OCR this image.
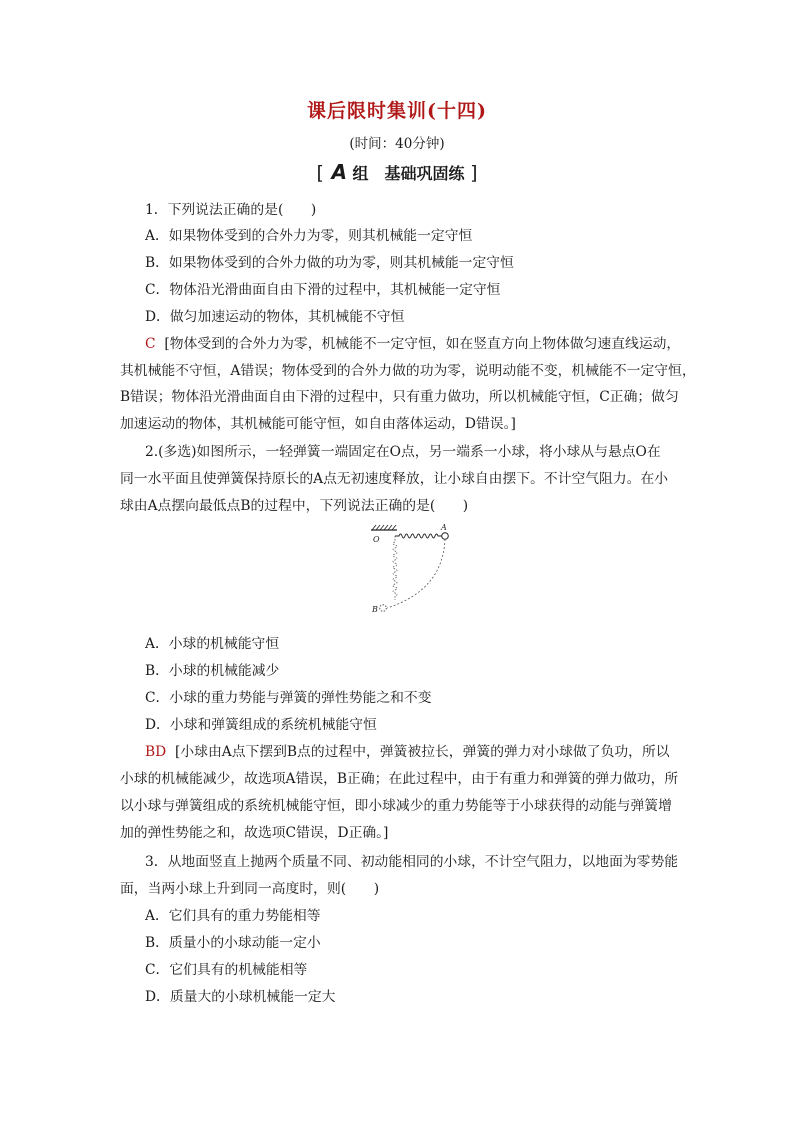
课后限时集训(十四)
(时间：40分钟)
[ A 组　基础巩固练 ]
1．下列说法正确的是(　　)
A．如果物体受到的合外力为零，则其机械能一定守恒
B．如果物体受到的合外力做的功为零，则其机械能一定守恒
C．物体沿光滑曲面自由下滑的过程中，其机械能一定守恒
D．做匀加速运动的物体，其机械能不守恒
C [物体受到的合外力为零，机械能不一定守恒，如在竖直方向上物体做匀速直线运动，
其机械能不守恒，A错误；物体受到的合外力做的功为零，说明动能不变，机械能不一定守恒，
B错误；物体沿光滑曲面自由下滑的过程中，只有重力做功，所以机械能守恒，C正确；做匀
加速运动的物体，其机械能可能守恒，如自由落体运动，D错误。]
2.(多选)如图所示，一轻弹簧一端固定在O点，另一端系一小球，将小球从与悬点O在
同一水平面且使弹簧保持原长的A点无初速度释放，让小球自由摆下。不计空气阻力。在小
球由A点摆向最低点B的过程中，下列说法正确的是(　　)
O
A
B
A．小球的机械能守恒
B．小球的机械能减少
C．小球的重力势能与弹簧的弹性势能之和不变
D．小球和弹簧组成的系统机械能守恒
BD [小球由A点下摆到B点的过程中，弹簧被拉长，弹簧的弹力对小球做了负功，所以
小球的机械能减少，故选项A错误，B正确；在此过程中，由于有重力和弹簧的弹力做功，所
以小球与弹簧组成的系统机械能守恒，即小球减少的重力势能等于小球获得的动能与弹簧增
加的弹性势能之和，故选项C错误，D正确。]
3．从地面竖直上抛两个质量不同、初动能相同的小球，不计空气阻力，以地面为零势能
面，当两小球上升到同一高度时，则(　　)
A．它们具有的重力势能相等
B．质量小的小球动能一定小
C．它们具有的机械能相等
D．质量大的小球机械能一定大
